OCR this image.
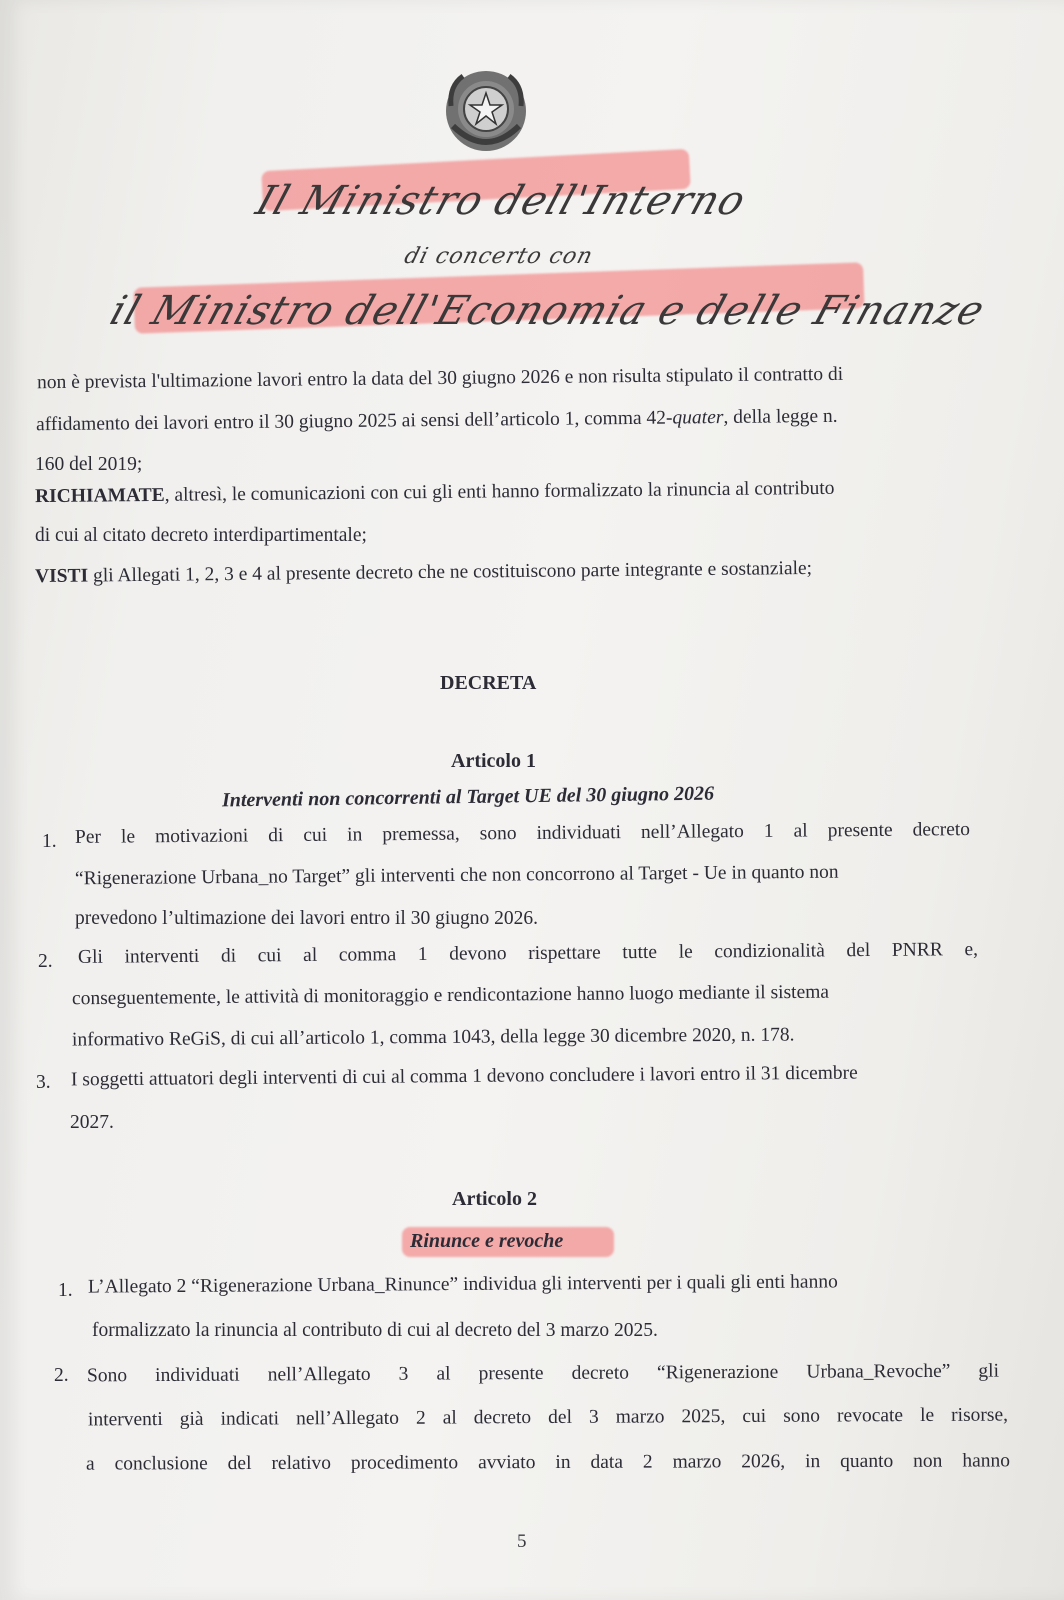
Il Ministro dell'Interno
di concerto con
il Ministro dell'Economia e delle Finanze
non è prevista l'ultimazione lavori entro la data del 30 giugno 2026 e non risulta stipulato il contratto di
affidamento dei lavori entro il 30 giugno 2025 ai sensi dell’articolo 1, comma 42-quater, della legge n.
160 del 2019;
RICHIAMATE, altresì, le comunicazioni con cui gli enti hanno formalizzato la rinuncia al contributo
di cui al citato decreto interdipartimentale;
VISTI gli Allegati 1, 2, 3 e 4 al presente decreto che ne costituiscono parte integrante e sostanziale;
DECRETA
Articolo 1
Interventi non concorrenti al Target UE del 30 giugno 2026
1. Per le motivazioni di cui in premessa, sono individuati nell’Allegato 1 al presente decreto
“Rigenerazione Urbana_no Target” gli interventi che non concorrono al Target - Ue in quanto non
prevedono l’ultimazione dei lavori entro il 30 giugno 2026.
2. Gli interventi di cui al comma 1 devono rispettare tutte le condizionalità del PNRR e,
conseguentemente, le attività di monitoraggio e rendicontazione hanno luogo mediante il sistema
informativo ReGiS, di cui all’articolo 1, comma 1043, della legge 30 dicembre 2020, n. 178.
3. I soggetti attuatori degli interventi di cui al comma 1 devono concludere i lavori entro il 31 dicembre
2027.
Articolo 2
Rinunce e revoche
1. L’Allegato 2 “Rigenerazione Urbana_Rinunce” individua gli interventi per i quali gli enti hanno
formalizzato la rinuncia al contributo di cui al decreto del 3 marzo 2025.
2. Sono individuati nell’Allegato 3 al presente decreto “Rigenerazione Urbana_Revoche” gli
interventi già indicati nell’Allegato 2 al decreto del 3 marzo 2025, cui sono revocate le risorse,
a conclusione del relativo procedimento avviato in data 2 marzo 2026, in quanto non hanno
5
